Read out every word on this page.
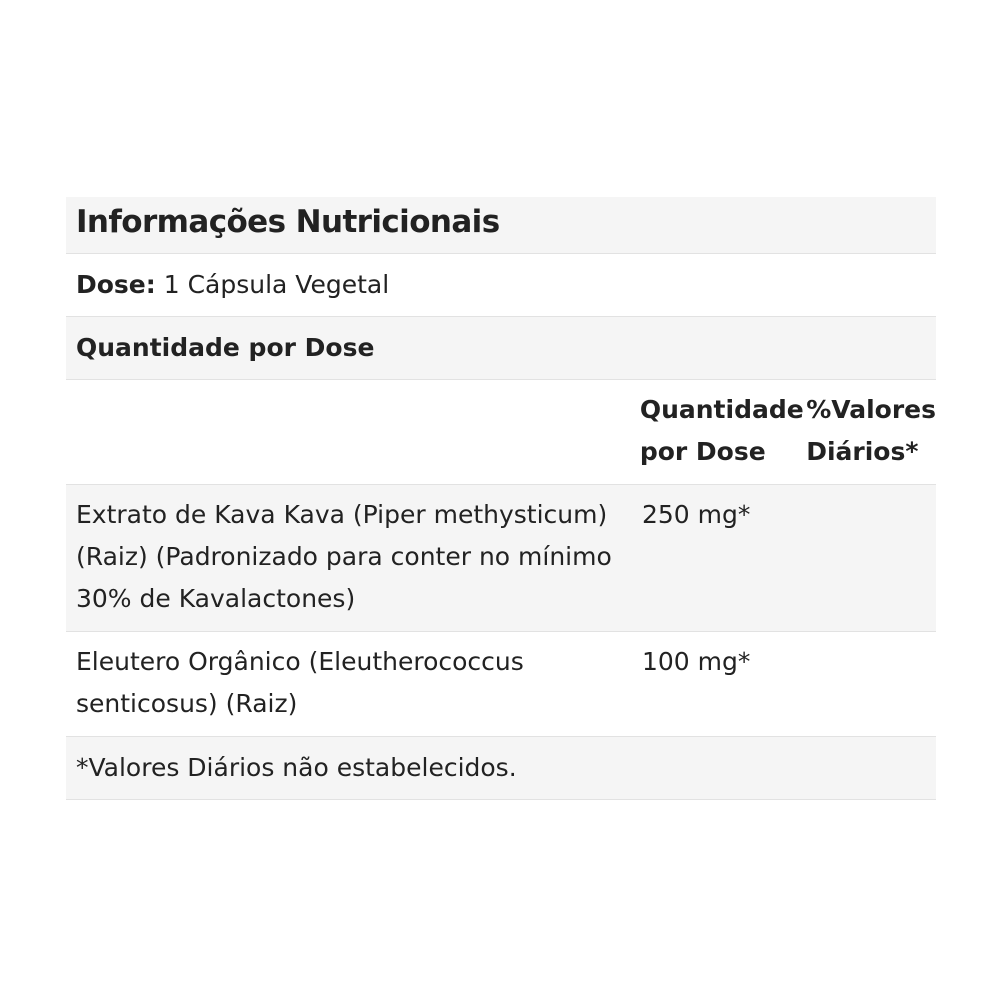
Informações Nutricionais
Dose: 1 Cápsula Vegetal
Quantidade por Dose
Quantidade por Dose
%Valores Diários*
Extrato de Kava Kava (Piper methysticum) (Raiz) (Padronizado para conter no mínimo 30% de Kavalactones)
250 mg*
Eleutero Orgânico (Eleutherococcus senticosus) (Raiz)
100 mg*
*Valores Diários não estabelecidos.
